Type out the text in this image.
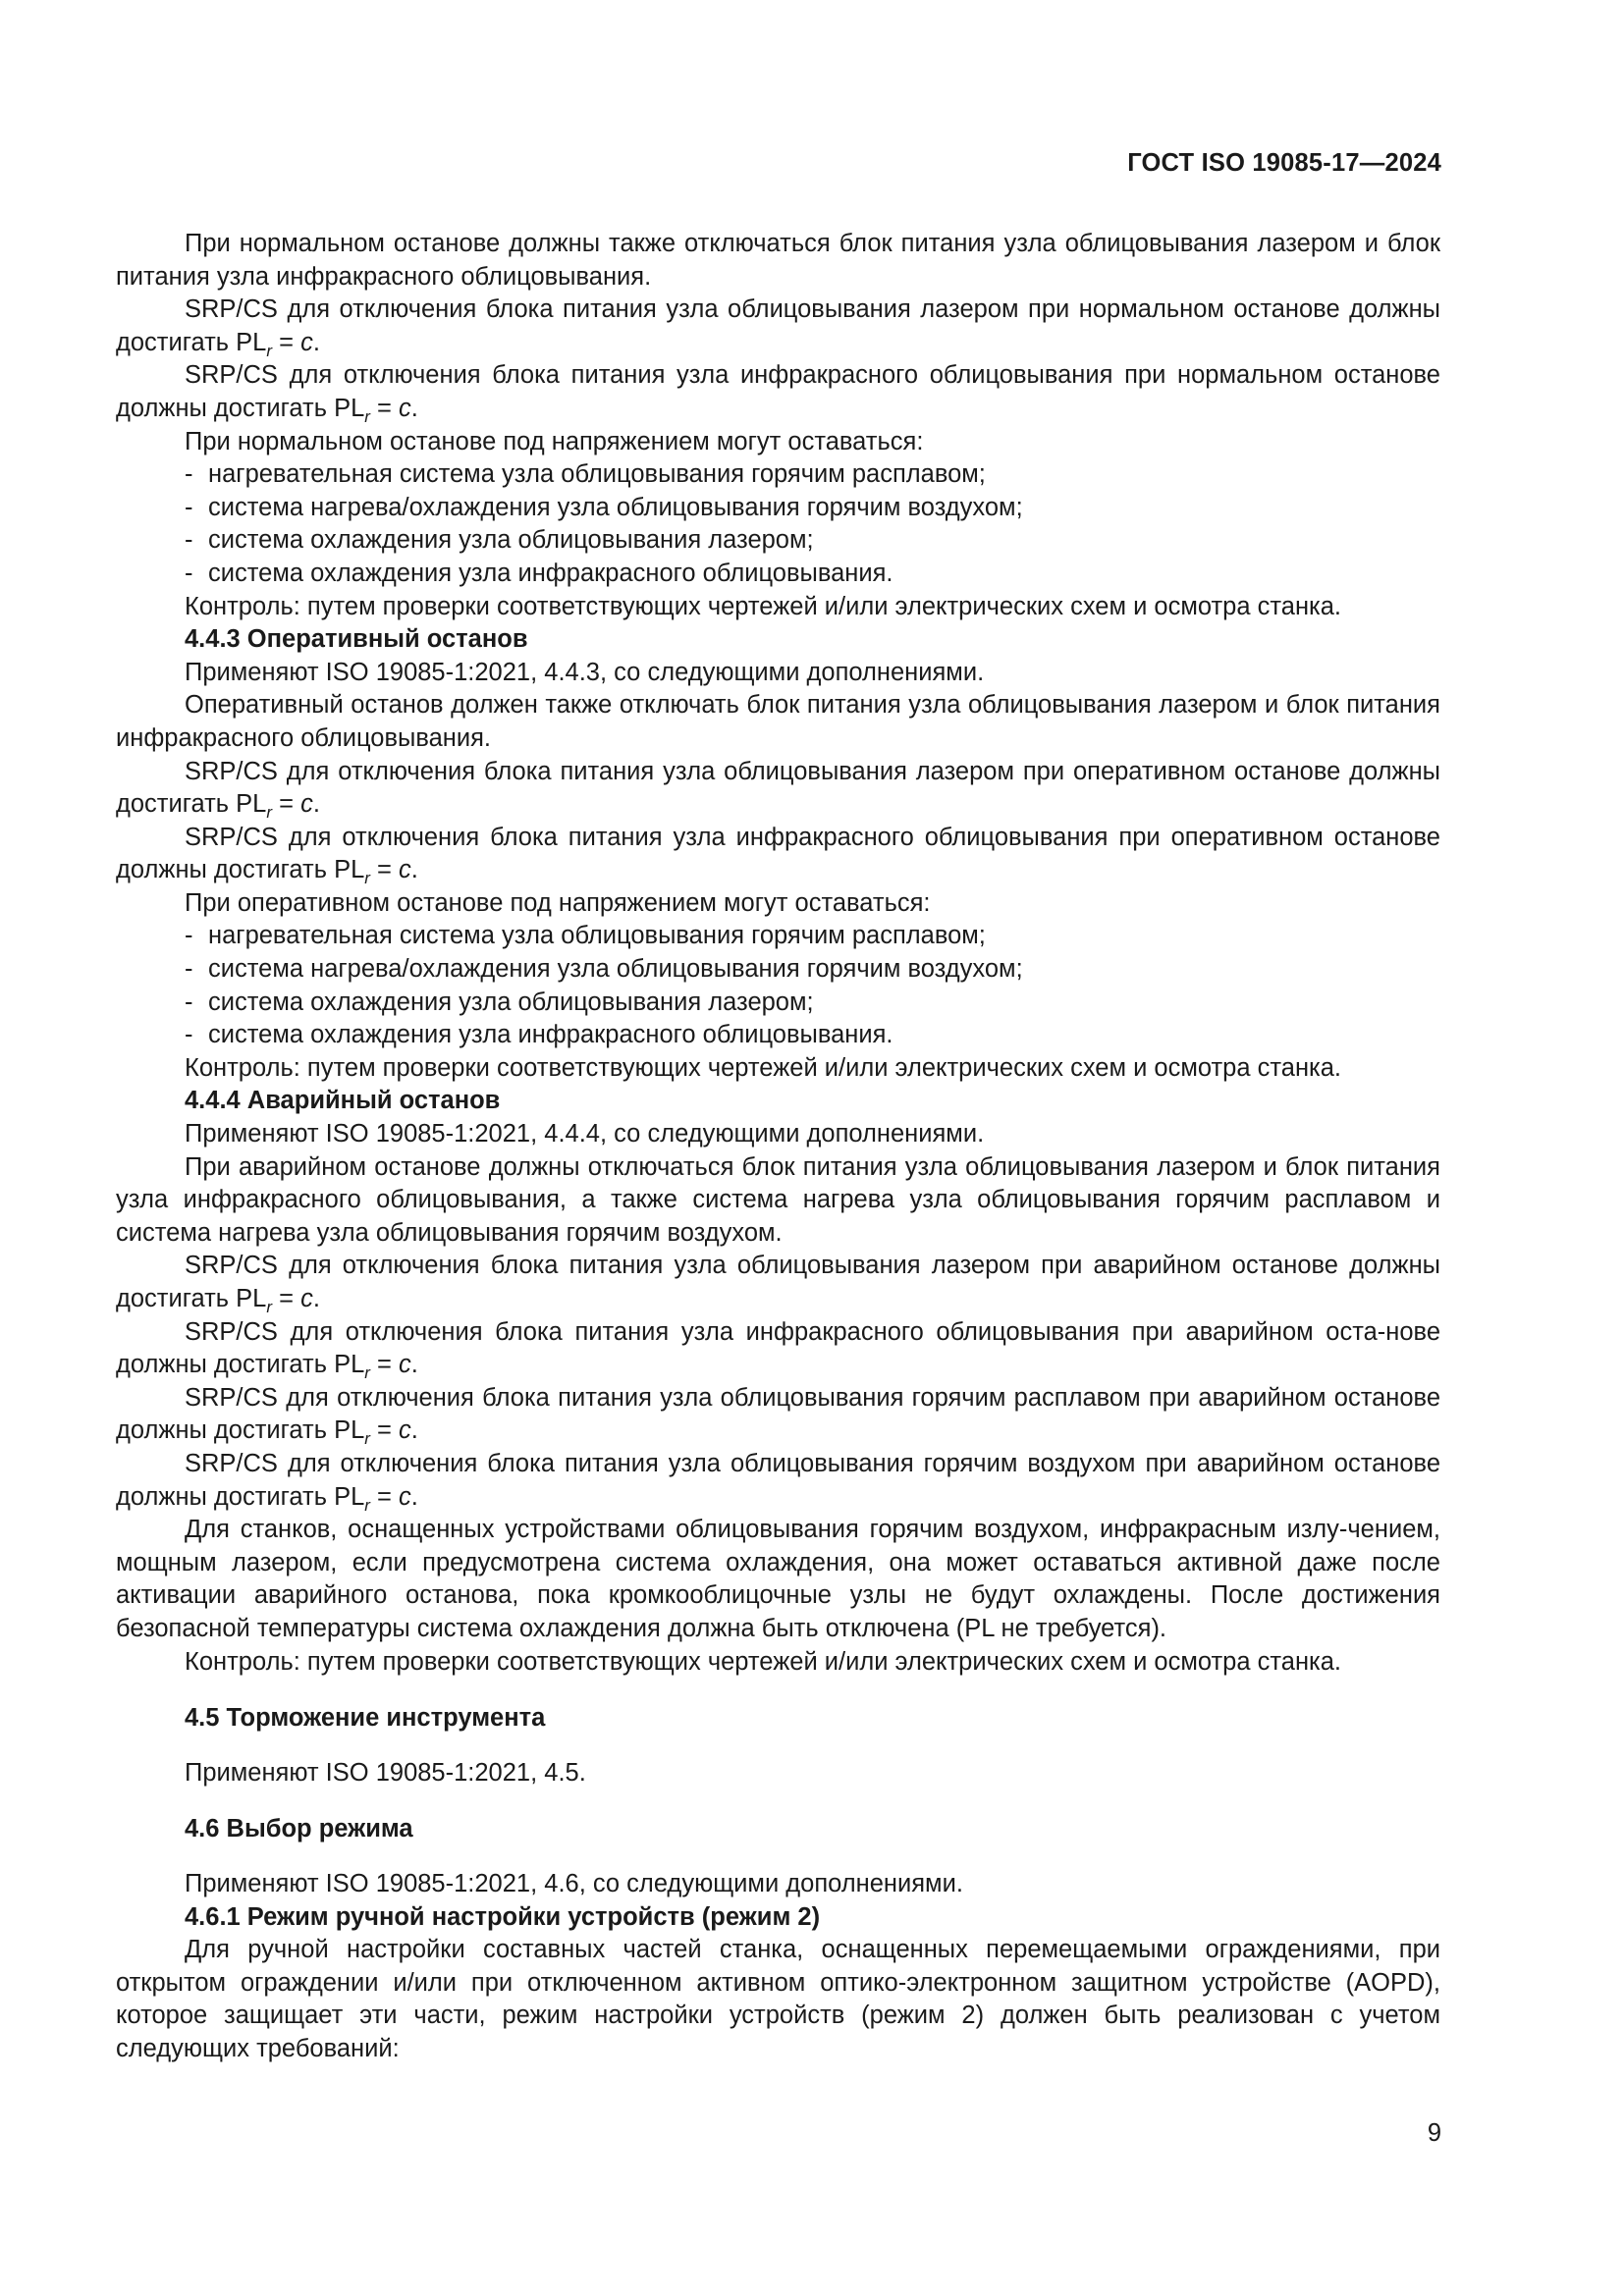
ГОСТ ISO 19085-17—2024

При нормальном останове должны также отключаться блок питания узла облицовывания лазером и блок питания узла инфракрасного облицовывания.

SRP/CS для отключения блока питания узла облицовывания лазером при нормальном останове должны достигать $PL_r = c$.

SRP/CS для отключения блока питания узла инфракрасного облицовывания при нормальном останове должны достигать $PL_r = c$.

При нормальном останове под напряжением могут оставаться:

- нагревательная система узла облицовывания горячим расплавом;

- система нагрева/охлаждения узла облицовывания горячим воздухом;

- система охлаждения узла облицовывания лазером;

- система охлаждения узла инфракрасного облицовывания.

Контроль: путем проверки соответствующих чертежей и/или электрических схем и осмотра станка.

4.4.3 Оперативный останов

Применяют ISO 19085-1:2021, 4.4.3, со следующими дополнениями.

Оперативный останов должен также отключать блок питания узла облицовывания лазером и блок питания инфракрасного облицовывания.

SRP/CS для отключения блока питания узла облицовывания лазером при оперативном останове должны достигать $PL_r = c$.

SRP/CS для отключения блока питания узла инфракрасного облицовывания при оперативном останове должны достигать $PL_r = c$.

При оперативном останове под напряжением могут оставаться:

- нагревательная система узла облицовывания горячим расплавом;

- система нагрева/охлаждения узла облицовывания горячим воздухом;

- система охлаждения узла облицовывания лазером;

- система охлаждения узла инфракрасного облицовывания.

Контроль: путем проверки соответствующих чертежей и/или электрических схем и осмотра станка.

4.4.4 Аварийный останов

Применяют ISO 19085-1:2021, 4.4.4, со следующими дополнениями.

При аварийном останове должны отключаться блок питания узла облицовывания лазером и блок питания узла инфракрасного облицовывания, а также система нагрева узла облицовывания горячим расплавом и система нагрева узла облицовывания горячим воздухом.

SRP/CS для отключения блока питания узла облицовывания лазером при аварийном останове должны достигать $PL_r = c$.

SRP/CS для отключения блока питания узла инфракрасного облицовывания при аварийном оста-нове должны достигать $PL_r = c$.

SRP/CS для отключения блока питания узла облицовывания горячим расплавом при аварийном останове должны достигать $PL_r = c$.

SRP/CS для отключения блока питания узла облицовывания горячим воздухом при аварийном останове должны достигать $PL_r = c$.

Для станков, оснащенных устройствами облицовывания горячим воздухом, инфракрасным излу-чением, мощным лазером, если предусмотрена система охлаждения, она может оставаться активной даже после активации аварийного останова, пока кромкооблицочные узлы не будут охлаждены. После достижения безопасной температуры система охлаждения должна быть отключена (PL не требуется).

Контроль: путем проверки соответствующих чертежей и/или электрических схем и осмотра станка.

4.5 Торможение инструмента

Применяют ISO 19085-1:2021, 4.5.

4.6 Выбор режима

Применяют ISO 19085-1:2021, 4.6, со следующими дополнениями.

4.6.1 Режим ручной настройки устройств (режим 2)

Для ручной настройки составных частей станка, оснащенных перемещаемыми ограждениями, при открытом ограждении и/или при отключенном активном оптико-электронном защитном устройстве (AOPD), которое защищает эти части, режим настройки устройств (режим 2) должен быть реализован с учетом следующих требований:

9
